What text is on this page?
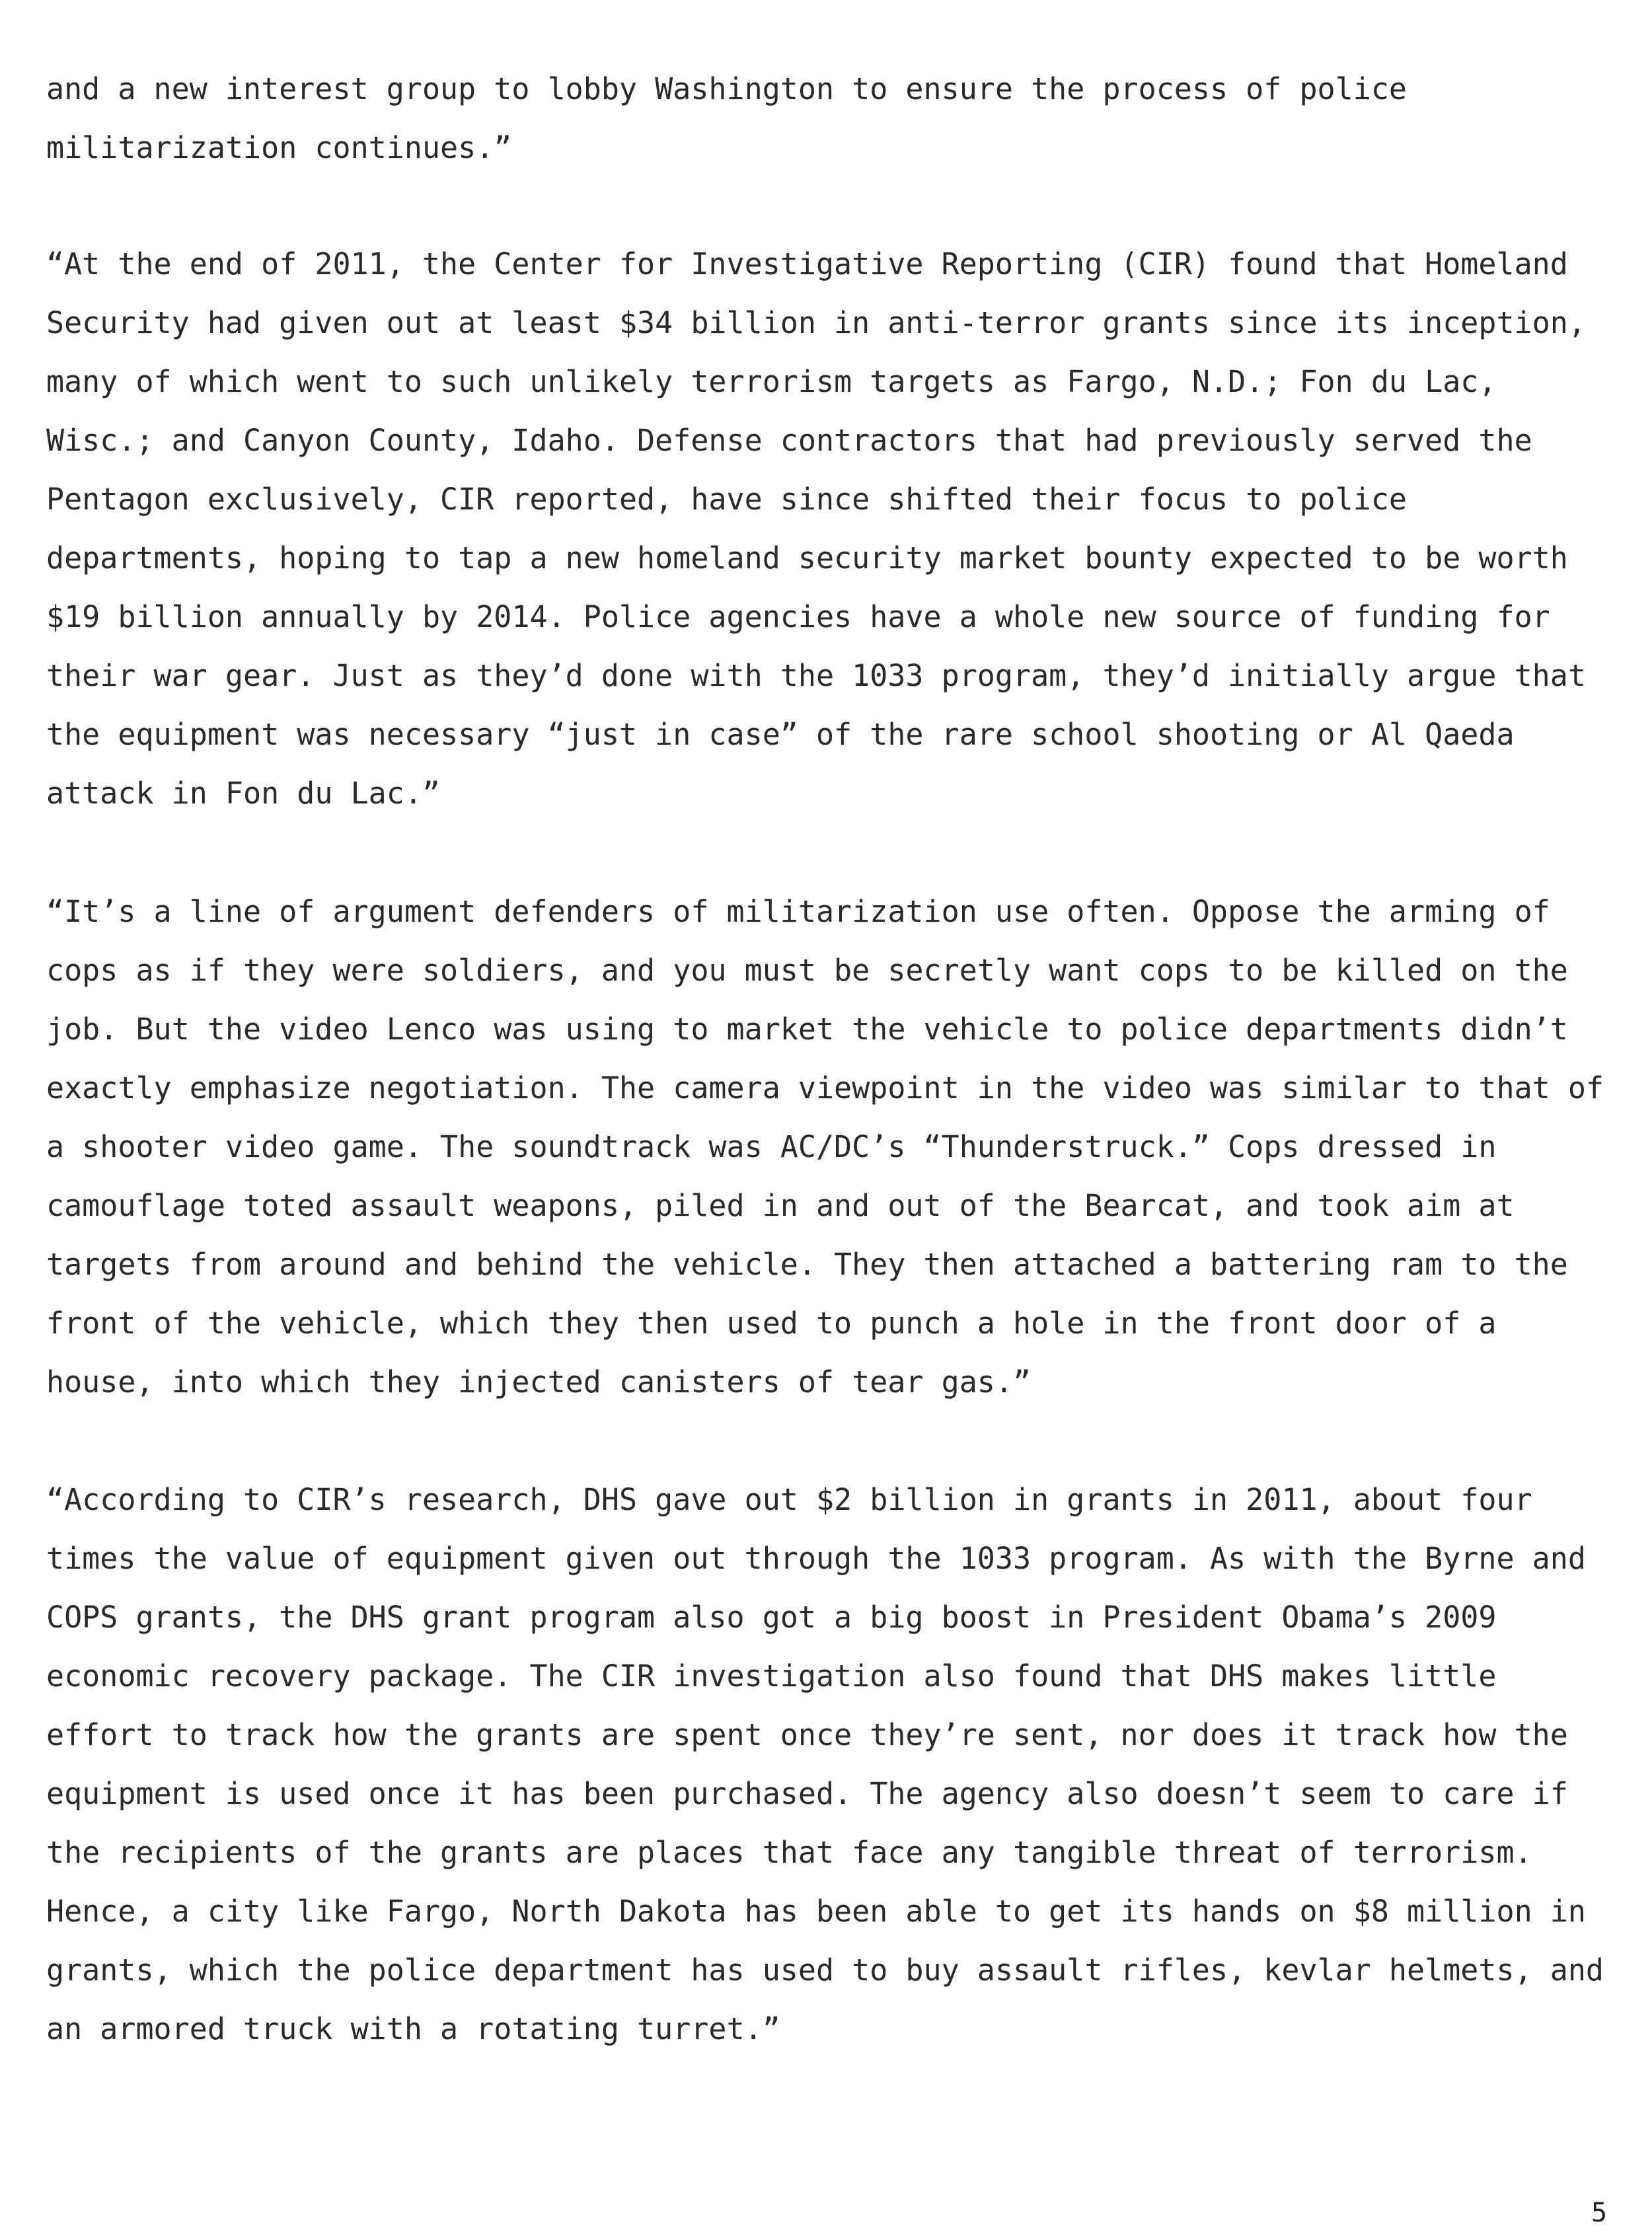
and a new interest group to lobby Washington to ensure the process of police
militarization continues.”

“At the end of 2011, the Center for Investigative Reporting (CIR) found that Homeland
Security had given out at least $34 billion in anti-terror grants since its inception,
many of which went to such unlikely terrorism targets as Fargo, N.D.; Fon du Lac,
Wisc.; and Canyon County, Idaho. Defense contractors that had previously served the
Pentagon exclusively, CIR reported, have since shifted their focus to police
departments, hoping to tap a new homeland security market bounty expected to be worth
$19 billion annually by 2014. Police agencies have a whole new source of funding for
their war gear. Just as they’d done with the 1033 program, they’d initially argue that
the equipment was necessary “just in case” of the rare school shooting or Al Qaeda
attack in Fon du Lac.”

“It’s a line of argument defenders of militarization use often. Oppose the arming of
cops as if they were soldiers, and you must be secretly want cops to be killed on the
job. But the video Lenco was using to market the vehicle to police departments didn’t
exactly emphasize negotiation. The camera viewpoint in the video was similar to that of
a shooter video game. The soundtrack was AC/DC’s “Thunderstruck.” Cops dressed in
camouflage toted assault weapons, piled in and out of the Bearcat, and took aim at
targets from around and behind the vehicle. They then attached a battering ram to the
front of the vehicle, which they then used to punch a hole in the front door of a
house, into which they injected canisters of tear gas.”

“According to CIR’s research, DHS gave out $2 billion in grants in 2011, about four
times the value of equipment given out through the 1033 program. As with the Byrne and
COPS grants, the DHS grant program also got a big boost in President Obama’s 2009
economic recovery package. The CIR investigation also found that DHS makes little
effort to track how the grants are spent once they’re sent, nor does it track how the
equipment is used once it has been purchased. The agency also doesn’t seem to care if
the recipients of the grants are places that face any tangible threat of terrorism.
Hence, a city like Fargo, North Dakota has been able to get its hands on $8 million in
grants, which the police department has used to buy assault rifles, kevlar helmets, and
an armored truck with a rotating turret.”

5
